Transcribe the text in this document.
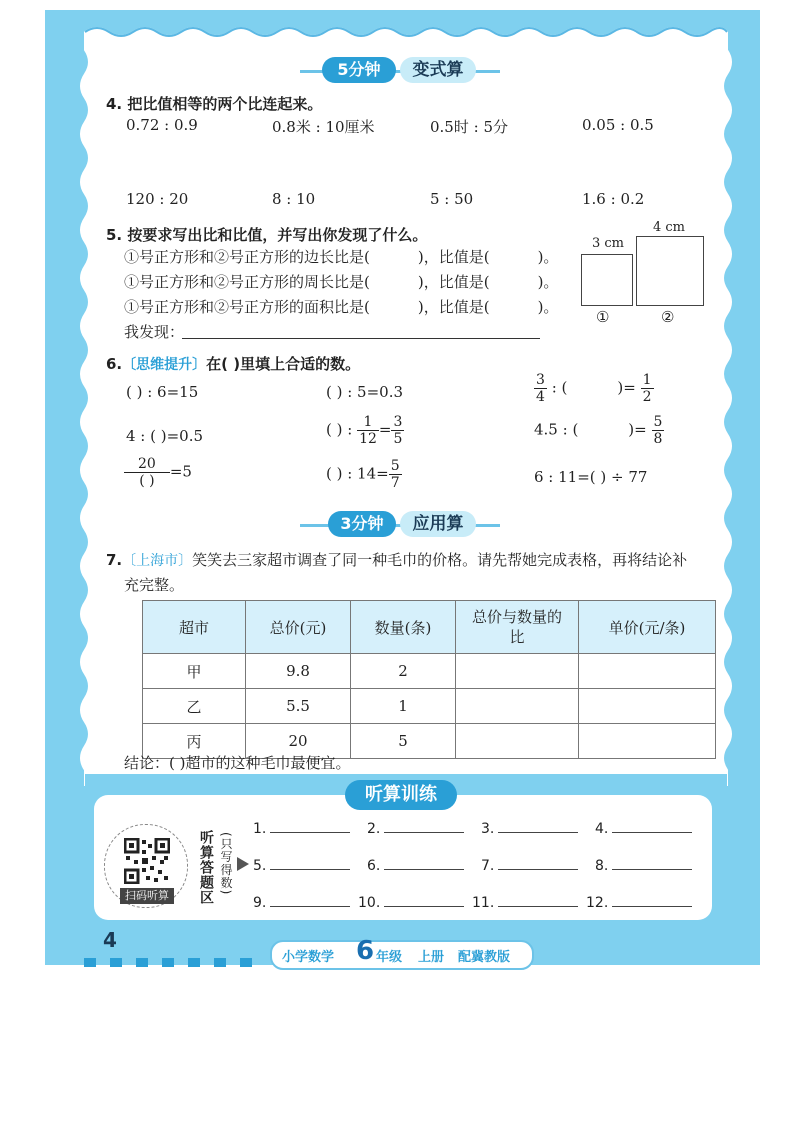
5分钟	变式算
4. 把比值相等的两个比连起来。
0.72 : 0.9	0.8米 : 10厘米	0.5时 : 5分	0.05 : 0.5
120 : 20	8 : 10	5 : 50	1.6 : 0.2
5. 按要求写出比和比值，并写出你发现了什么。
①号正方形和②号正方形的边长比是(	)，比值是(	)。
①号正方形和②号正方形的周长比是(	)，比值是(	)。
①号正方形和②号正方形的面积比是(	)，比值是(	)。
我发现：
3 cm
4 cm
①	②
6.〔思维提升〕在( )里填上合适的数。
( ) : 6=15	( ) : 5=0.3	$\frac{3}{4}$ : (	)= $\frac{1}{2}$
4 : ( )=0.5	( ) : $\frac{1}{12} = \frac{3}{5}$	4.5 : (	)= $\frac{5}{8}$
$\frac{20}{( )} =5$	( ) : $14= \frac{5}{7}$	6 : 11=( ) ÷ 77
3分钟	应用算
7.〔上海市〕笑笑去三家超市调查了同一种毛巾的价格。请先帮她完成表格，再将结论补
充完整。
超市	总价(元)	数量(条)	总价与数量的比	单价(元/条)
甲	9.8	2		
乙	5.5	1		
丙	20	5		
结论：( )超市的这种毛巾最便宜。
听算训练
扫码听算	听算答题区 (只写得数)
1.	2.	3.	4.
5.	6.	7.	8.
9.	10.	11.	12.
4
小学数学 6 年级 上册 配冀教版
